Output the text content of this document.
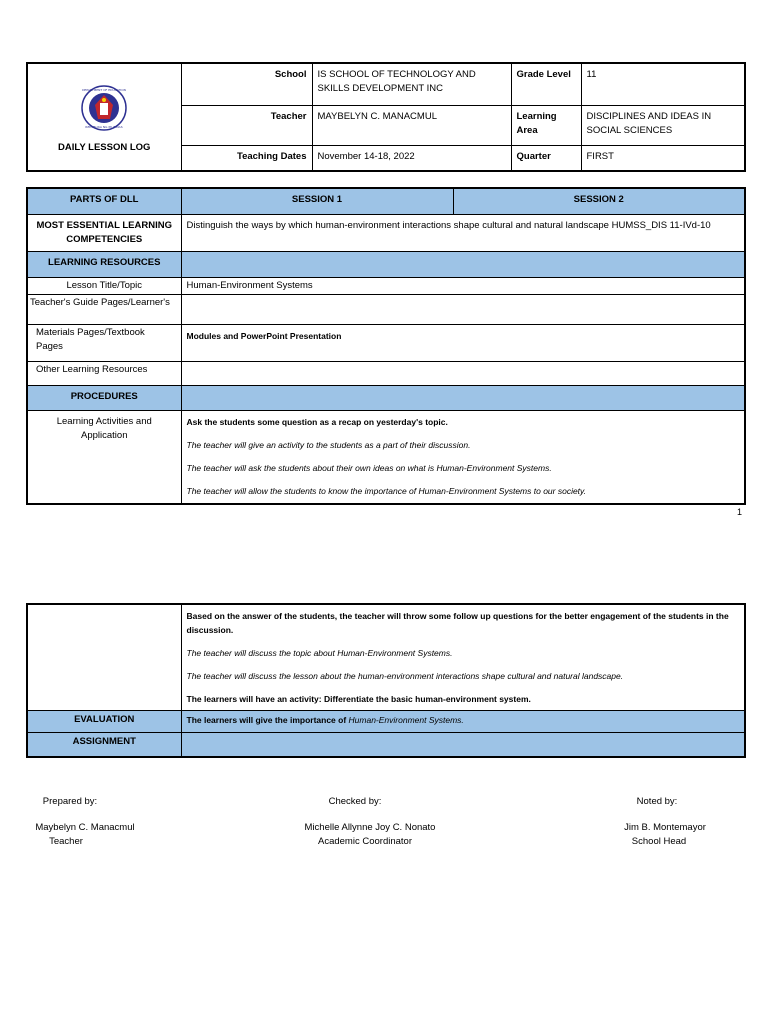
DEPARTMENT OF EDUCATION
REPUBLIKA NG PILIPINAS
DAILY LESSON LOG	School	IS SCHOOL OF TECHNOLOGY AND SKILLS DEVELOPMENT INC	Grade Level	11
	Teacher	MAYBELYN C. MANACMUL	Learning Area	DISCIPLINES AND IDEAS IN SOCIAL SCIENCES
	Teaching Dates	November 14-18, 2022	Quarter	FIRST
PARTS OF DLL	SESSION 1	SESSION 2
MOST ESSENTIAL LEARNING COMPETENCIES	Distinguish the ways by which human-environment interactions shape cultural and natural landscape HUMSS_DIS 11-IVd-10	
LEARNING RESOURCES		
Lesson Title/Topic	Human-Environment Systems	
Teacher's Guide Pages/Learner's		
Materials Pages/Textbook Pages	Modules and PowerPoint Presentation	
Other Learning Resources		
PROCEDURES		
Learning Activities and Application	Ask the students some question as a recap on yesterday's topic.

The teacher will give an activity to the students as a part of their discussion.

The teacher will ask the students about their own ideas on what is Human-Environment Systems.

The teacher will allow the students to know the importance of Human-Environment Systems to our society.	

1

	Based on the answer of the students, the teacher will throw some follow up questions for the better engagement of the students in the discussion.

The teacher will discuss the topic about Human-Environment Systems.

The teacher will discuss the lesson about the human-environment interactions shape cultural and natural landscape.

The learners will have an activity: Differentiate the basic human-environment system.

EVALUATION	The learners will give the importance of Human-Environment Systems.
ASSIGNMENT	
Prepared by:
Maybelyn C. Manacmul
Teacher
Checked by:
Michelle Allynne Joy C. Nonato
Academic Coordinator
Noted by:
Jim B. Montemayor
School Head
